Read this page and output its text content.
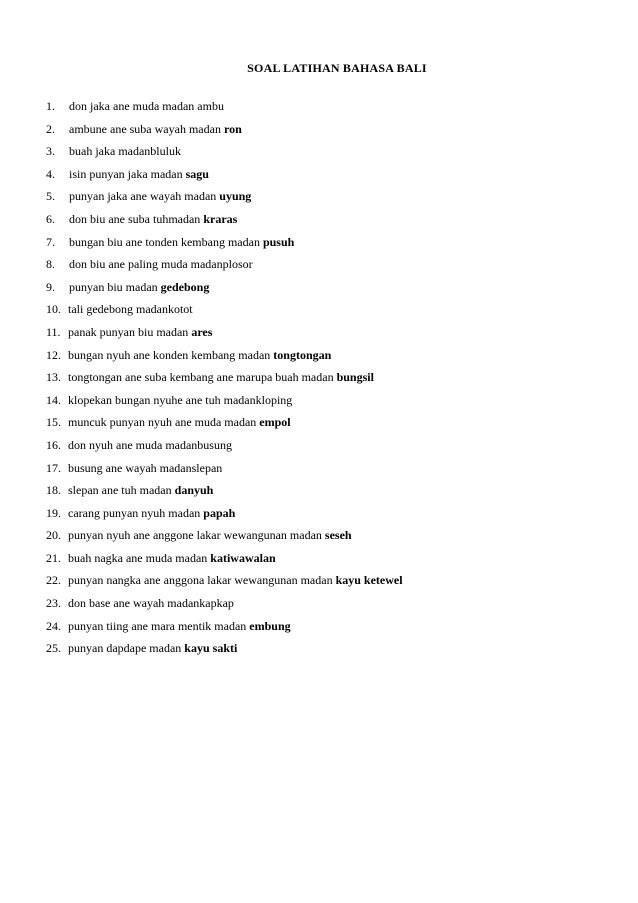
SOAL LATIHAN BAHASA BALI
1. don jaka ane muda madan ambu
2. ambune ane suba wayah madan ron
3. buah jaka madanbluluk
4. isin punyan jaka madan sagu
5. punyan jaka ane wayah madan uyung
6. don biu ane suba tuhmadan kraras
7. bungan biu ane tonden kembang madan pusuh
8. don biu ane paling muda madanplosor
9. punyan biu madan gedebong
10. tali gedebong madankotot
11. panak punyan biu madan ares
12. bungan nyuh ane konden kembang madan tongtongan
13. tongtongan ane suba kembang ane marupa buah madan bungsil
14. klopekan bungan nyuhe ane tuh madankloping
15. muncuk punyan nyuh ane muda madan empol
16. don nyuh ane muda madanbusung
17. busung ane wayah madanslepan
18. slepan ane tuh madan danyuh
19. carang punyan nyuh madan papah
20. punyan nyuh ane anggone lakar wewangunan madan seseh
21. buah nagka ane muda madan katiwawalan
22. punyan nangka ane anggona lakar wewangunan madan kayu ketewel
23. don base ane wayah madankapkap
24. punyan tiing ane mara mentik madan embung
25. punyan dapdape madan kayu sakti
